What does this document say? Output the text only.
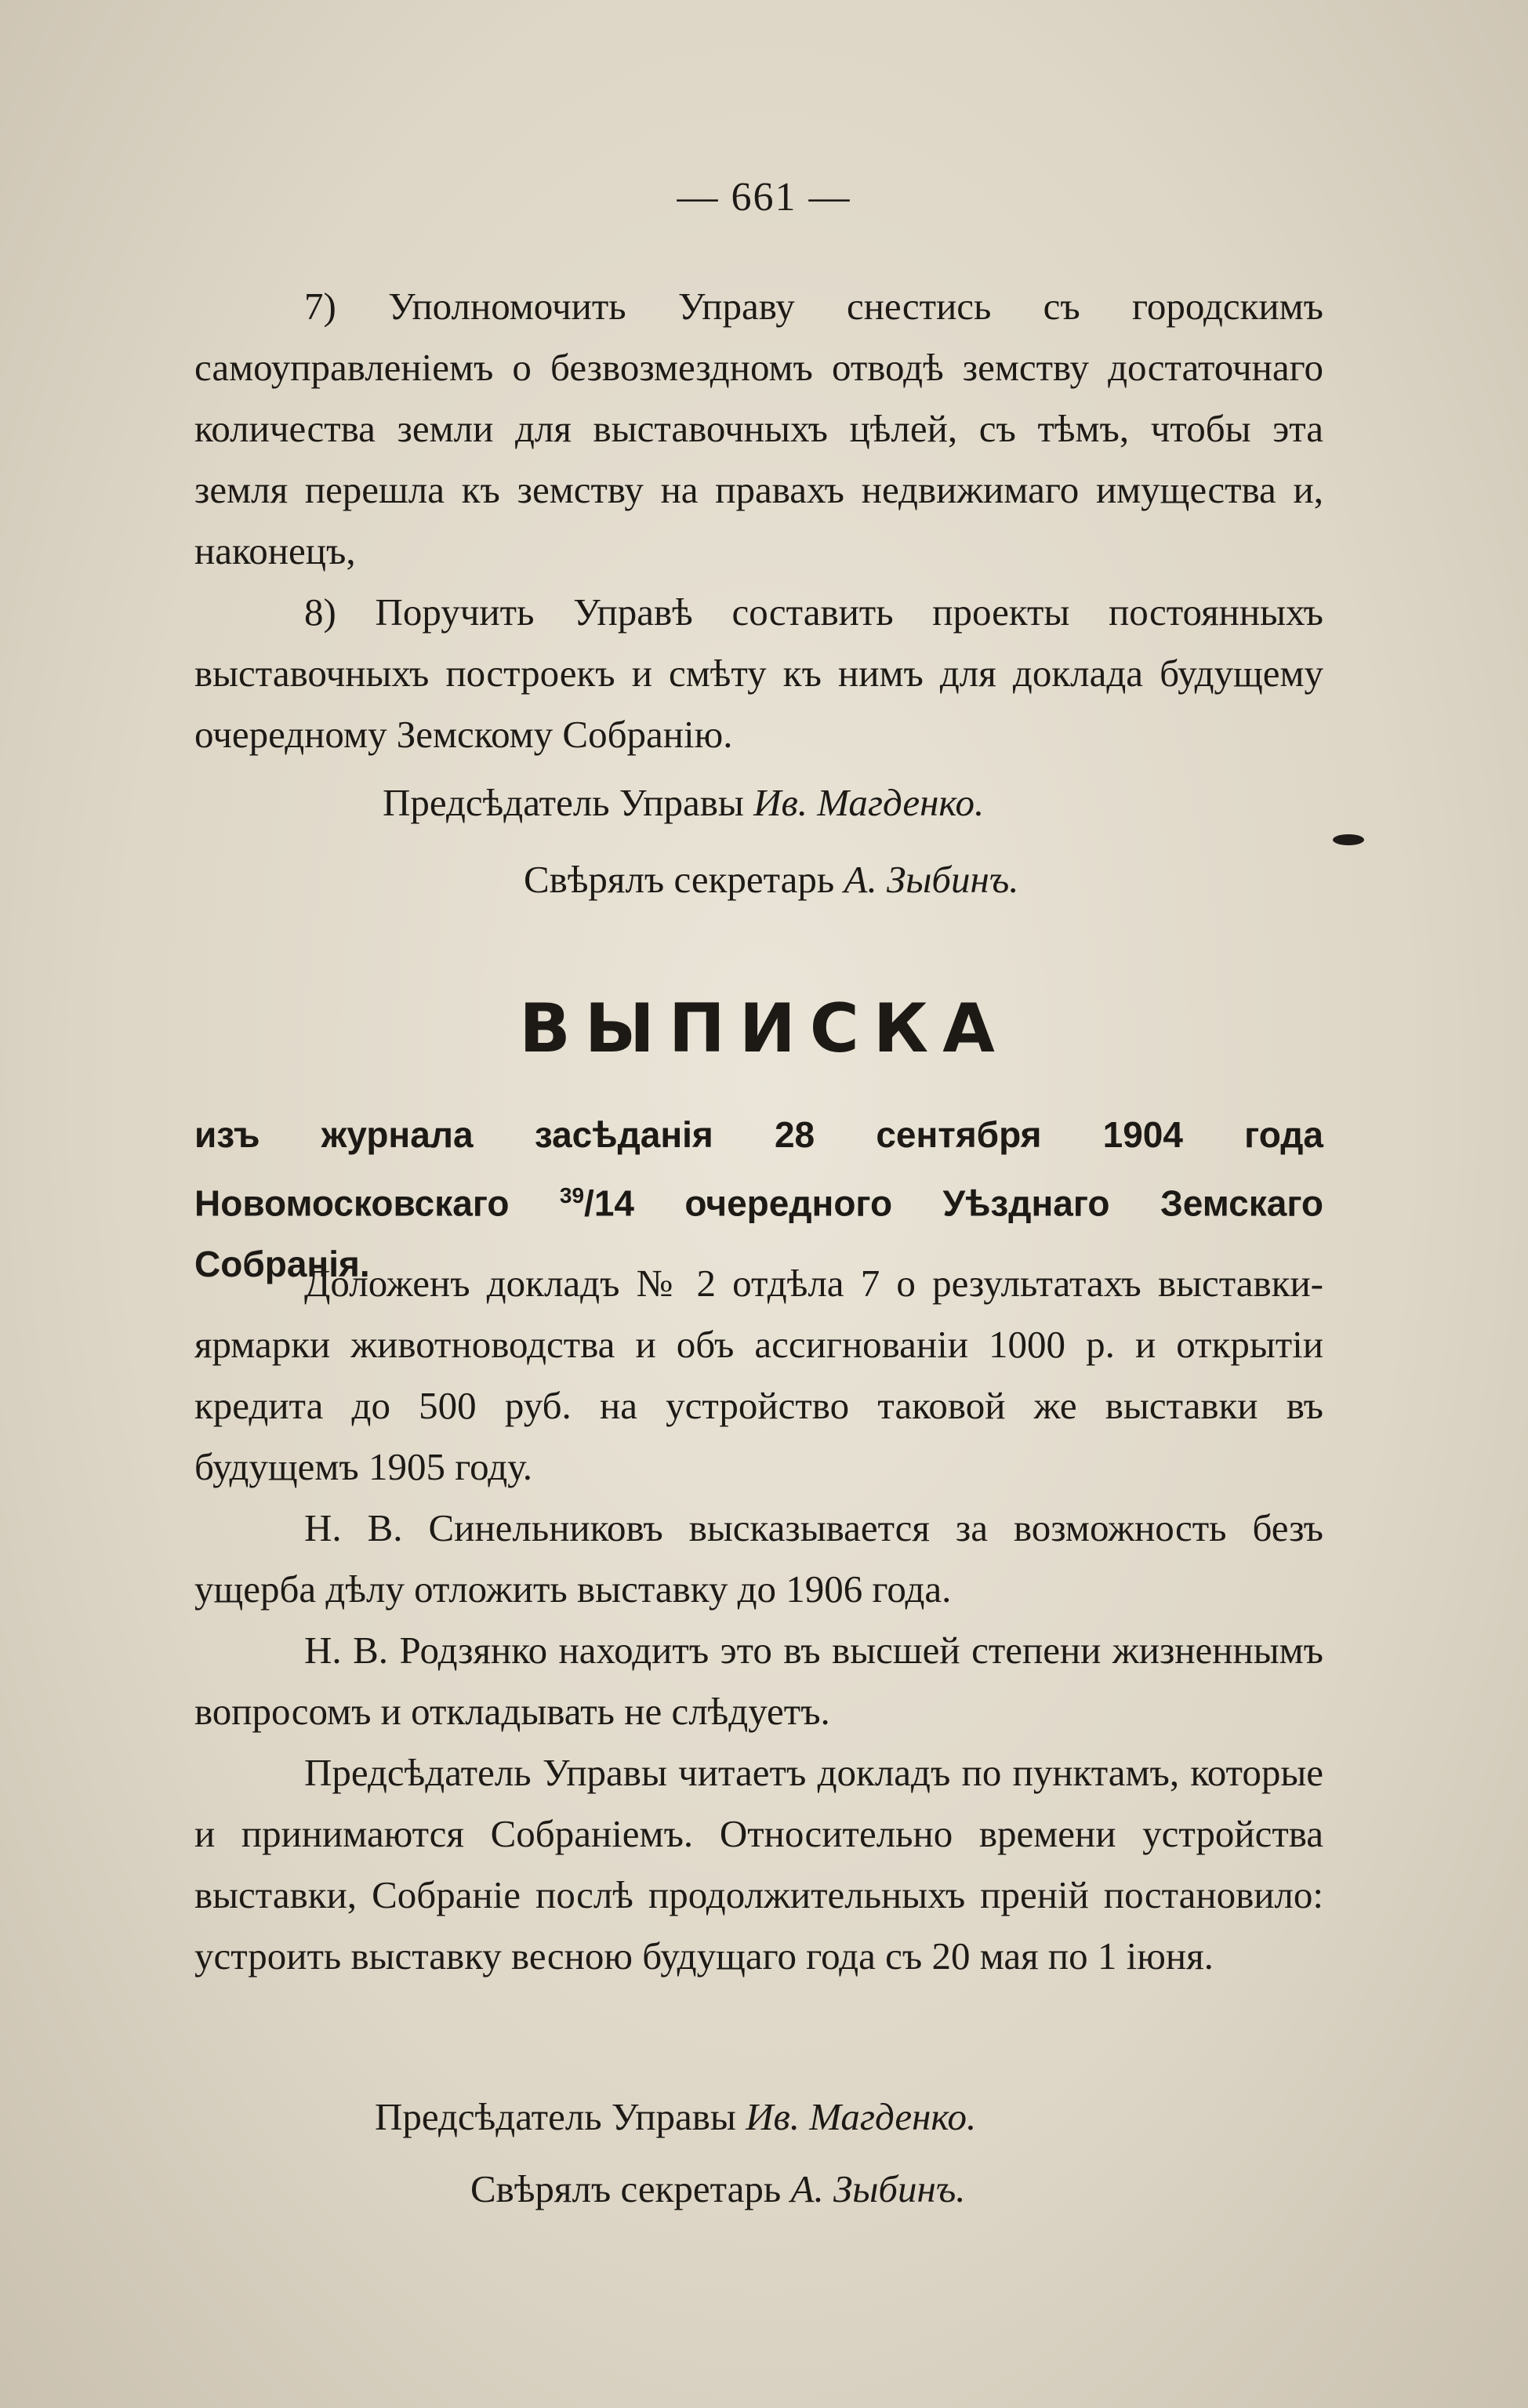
— 661 —

7) Уполномочить Управу снестись съ городскимъ самоуправленіемъ о безвозмездномъ отводѣ земству достаточнаго количества земли для выставочныхъ цѣлей, съ тѣмъ, чтобы эта земля перешла къ земству на правахъ недвижимаго имущества и, наконецъ,

8) Поручить Управѣ составить проекты постоянныхъ выставочныхъ построекъ и смѣту къ нимъ для доклада будущему очередному Земскому Собранію.

Предсѣдатель Управы Ив. Магденко.
Свѣрялъ секретарь А. Зыбинъ.
ВЫПИСКА
изъ журнала засѣданія 28 сентября 1904 года Новомосковскаго $^{39}$/14 очередного Уѣзднаго Земскаго Собранія.

Доложенъ докладъ № 2 отдѣла 7 о результатахъ выставки-ярмарки животноводства и объ ассигнованіи 1000 р. и открытіи кредита до 500 руб. на устройство таковой же выставки въ будущемъ 1905 году.

Н. В. Синельниковъ высказывается за возможность безъ ущерба дѣлу отложить выставку до 1906 года.

Н. В. Родзянко находитъ это въ высшей степени жизненнымъ вопросомъ и откладывать не слѣдуетъ.

Предсѣдатель Управы читаетъ докладъ по пунктамъ, которые и принимаются Собраніемъ. Относительно времени устройства выставки, Собраніе послѣ продолжительныхъ преній постановило: устроить выставку весною будущаго года съ 20 мая по 1 іюня.

Предсѣдатель Управы Ив. Магденко.
Свѣрялъ секретарь А. Зыбинъ.
